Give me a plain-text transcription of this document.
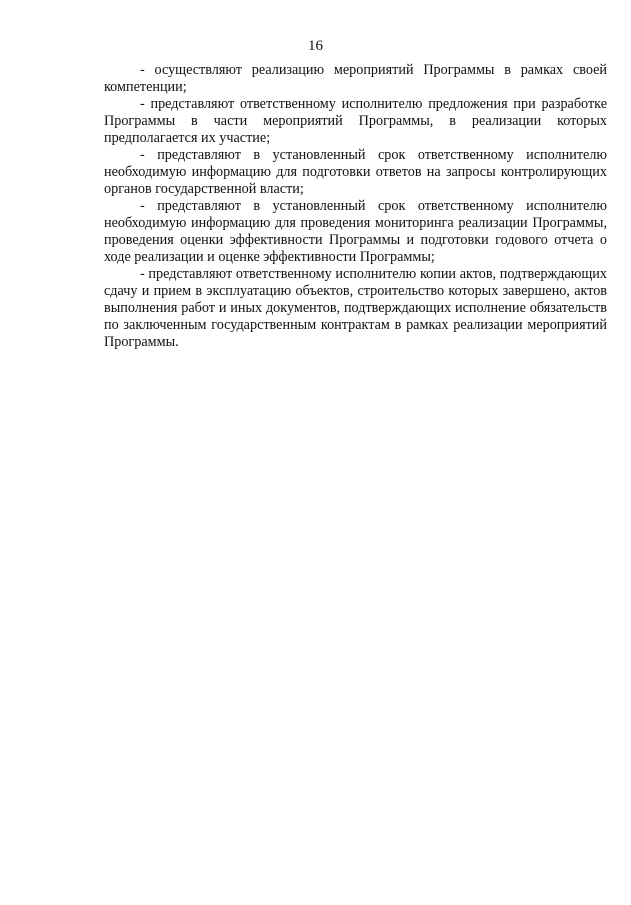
16

- осуществляют реализацию мероприятий Программы в рамках своей компетенции;

- представляют ответственному исполнителю предложения при разработке Программы в части мероприятий Программы, в реализации которых предполагается их участие;

- представляют в установленный срок ответственному исполнителю необходимую информацию для подготовки ответов на запросы контролирующих органов государственной власти;

- представляют в установленный срок ответственному исполнителю необходимую информацию для проведения мониторинга реализации Программы, проведения оценки эффективности Программы и подготовки годового отчета о ходе реализации и оценке эффективности Программы;

- представляют ответственному исполнителю копии актов, подтверждающих сдачу и прием в эксплуатацию объектов, строительство которых завершено, актов выполнения работ и иных документов, подтверждающих исполнение обязательств по заключенным государственным контрактам в рамках реализации мероприятий Программы.
